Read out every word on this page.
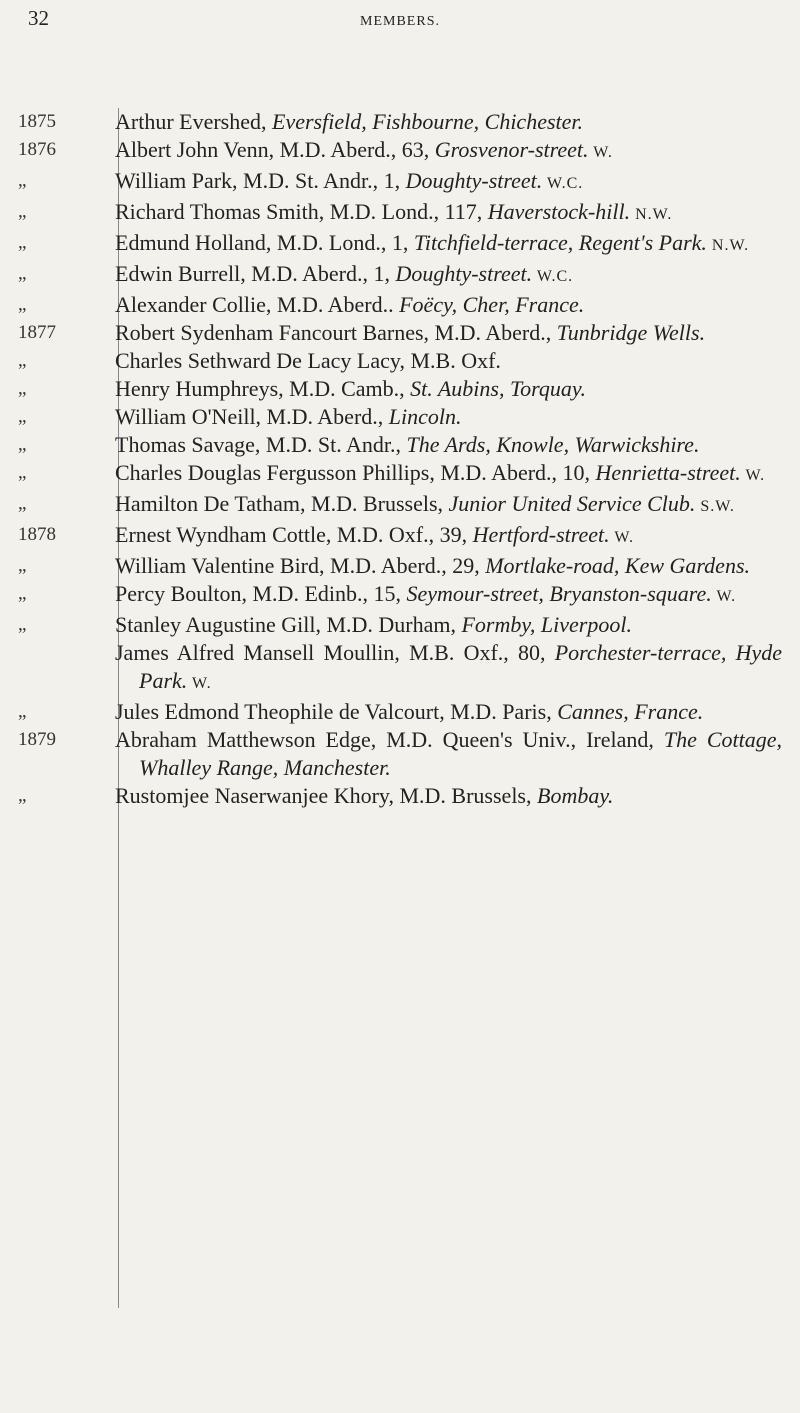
32	MEMBERS.
1875	Arthur Evershed, Eversfield, Fishbourne, Chichester.
1876	Albert John Venn, M.D. Aberd., 63, Grosvenor-street. W.
„	William Park, M.D. St. Andr., 1, Doughty-street. W.C.
„	Richard Thomas Smith, M.D. Lond., 117, Haverstock-hill. N.W.
„	Edmund Holland, M.D. Lond., 1, Titchfield-terrace, Regent's Park. N.W.
„	Edwin Burrell, M.D. Aberd., 1, Doughty-street. W.C.
„	Alexander Collie, M.D. Aberd.. Foëcy, Cher, France.
1877	Robert Sydenham Fancourt Barnes, M.D. Aberd., Tunbridge Wells.
„	Charles Sethward De Lacy Lacy, M.B. Oxf.
„	Henry Humphreys, M.D. Camb., St. Aubins, Torquay.
„	William O'Neill, M.D. Aberd., Lincoln.
„	Thomas Savage, M.D. St. Andr., The Ards, Knowle, Warwickshire.
„	Charles Douglas Fergusson Phillips, M.D. Aberd., 10, Henrietta-street. W.
„	Hamilton De Tatham, M.D. Brussels, Junior United Service Club. S.W.
1878	Ernest Wyndham Cottle, M.D. Oxf., 39, Hertford-street. W.
„	William Valentine Bird, M.D. Aberd., 29, Mortlake-road, Kew Gardens.
„	Percy Boulton, M.D. Edinb., 15, Seymour-street, Bryanston-square. W.
„	Stanley Augustine Gill, M.D. Durham, Formby, Liverpool.
James Alfred Mansell Moullin, M.B. Oxf., 80, Porchester-terrace, Hyde Park. W.
„	Jules Edmond Theophile de Valcourt, M.D. Paris, Cannes, France.
1879	Abraham Matthewson Edge, M.D. Queen's Univ., Ireland, The Cottage, Whalley Range, Manchester.
„	Rustomjee Naserwanjee Khory, M.D. Brussels, Bombay.
